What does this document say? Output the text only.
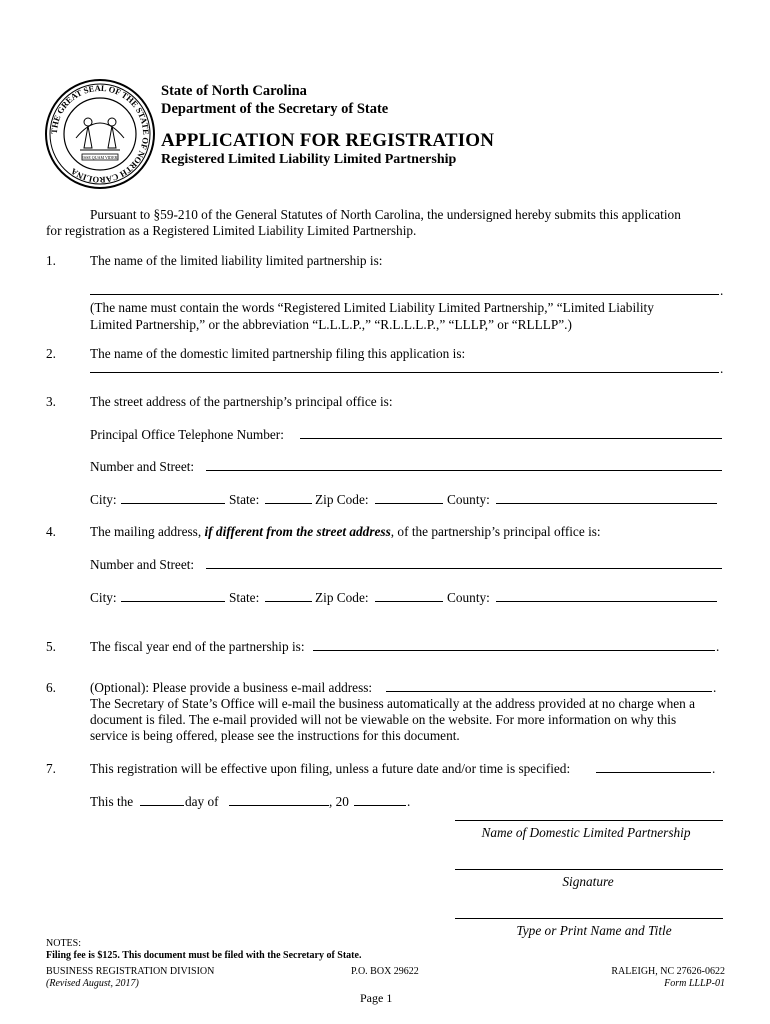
THE GREAT SEAL OF THE STATE OF NORTH CAROLINA
ESSE QUAM VIDERI
State of North Carolina
Department of the Secretary of State
APPLICATION FOR REGISTRATION
Registered Limited Liability Limited Partnership
Pursuant to §59-210 of the General Statutes of North Carolina, the undersigned hereby submits this application
for registration as a Registered Limited Liability Limited Partnership.
1.	The name of the limited liability limited partnership is:
.
(The name must contain the words “Registered Limited Liability Limited Partnership,” “Limited Liability
Limited Partnership,” or the abbreviation “L.L.L.P.,” “R.L.L.L.P.,” “LLLP,” or “RLLLP”.)
2.	The name of the domestic limited partnership filing this application is:
.
3.	The street address of the partnership’s principal office is:
Principal Office Telephone Number:
Number and Street:
City:	State:	Zip Code:	County:
4.	The mailing address, if different from the street address, of the partnership’s principal office is:
Number and Street:
City:	State:	Zip Code:	County:
5.	The fiscal year end of the partnership is:	.
6.	(Optional): Please provide a business e-mail address:	.
The Secretary of State’s Office will e-mail the business automatically at the address provided at no charge when a
document is filed. The e-mail provided will not be viewable on the website. For more information on why this
service is being offered, please see the instructions for this document.
7.	This registration will be effective upon filing, unless a future date and/or time is specified:	.
This the	day of	, 20	.
Name of Domestic Limited Partnership
Signature
Type or Print Name and Title
NOTES:
Filing fee is $125. This document must be filed with the Secretary of State.
BUSINESS REGISTRATION DIVISION	P.O. BOX 29622	RALEIGH, NC 27626-0622
(Revised August, 2017)	Form LLLP-01
Page 1
